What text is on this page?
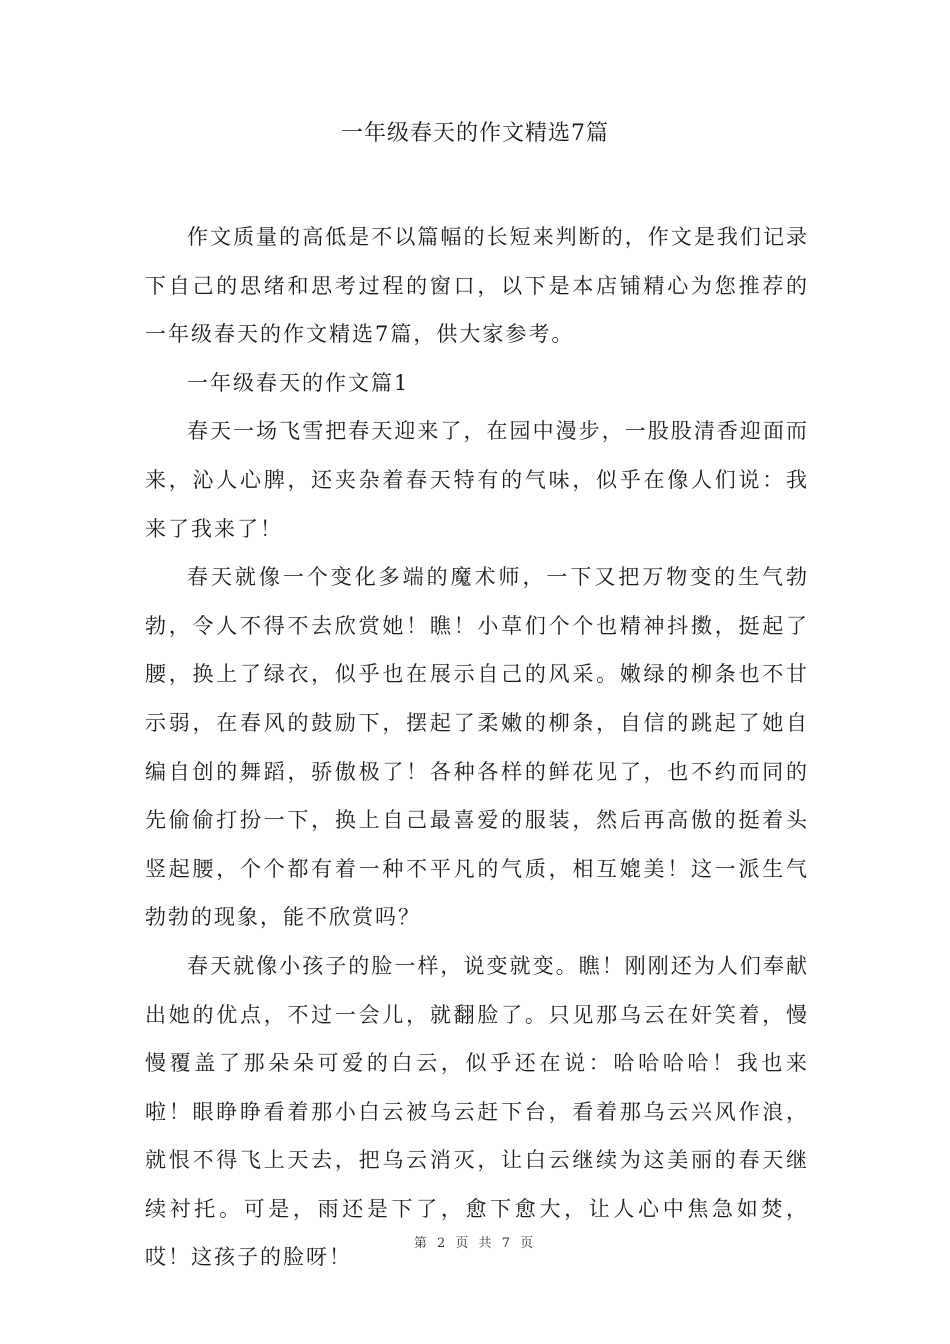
一年级春天的作文精选7篇

作文质量的高低是不以篇幅的长短来判断的，作文是我们记录下自己的思绪和思考过程的窗口，以下是本店铺精心为您推荐的一年级春天的作文精选7篇，供大家参考。

一年级春天的作文篇1

春天一场飞雪把春天迎来了，在园中漫步，一股股清香迎面而来，沁人心脾，还夹杂着春天特有的气味，似乎在像人们说：我来了我来了！

春天就像一个变化多端的魔术师，一下又把万物变的生气勃勃，令人不得不去欣赏她！瞧！小草们个个也精神抖擞，挺起了腰，换上了绿衣，似乎也在展示自己的风采。嫩绿的柳条也不甘示弱，在春风的鼓励下，摆起了柔嫩的柳条，自信的跳起了她自编自创的舞蹈，骄傲极了！各种各样的鲜花见了，也不约而同的先偷偷打扮一下，换上自己最喜爱的服装，然后再高傲的挺着头竖起腰，个个都有着一种不平凡的气质，相互媲美！这一派生气勃勃的现象，能不欣赏吗？

春天就像小孩子的脸一样，说变就变。瞧！刚刚还为人们奉献出她的优点，不过一会儿，就翻脸了。只见那乌云在奸笑着，慢慢覆盖了那朵朵可爱的白云，似乎还在说：哈哈哈哈！我也来啦！眼睁睁看着那小白云被乌云赶下台，看着那乌云兴风作浪，就恨不得飞上天去，把乌云消灭，让白云继续为这美丽的春天继续衬托。可是，雨还是下了，愈下愈大，让人心中焦急如焚，哎！这孩子的脸呀！

第 2 页 共 7 页
